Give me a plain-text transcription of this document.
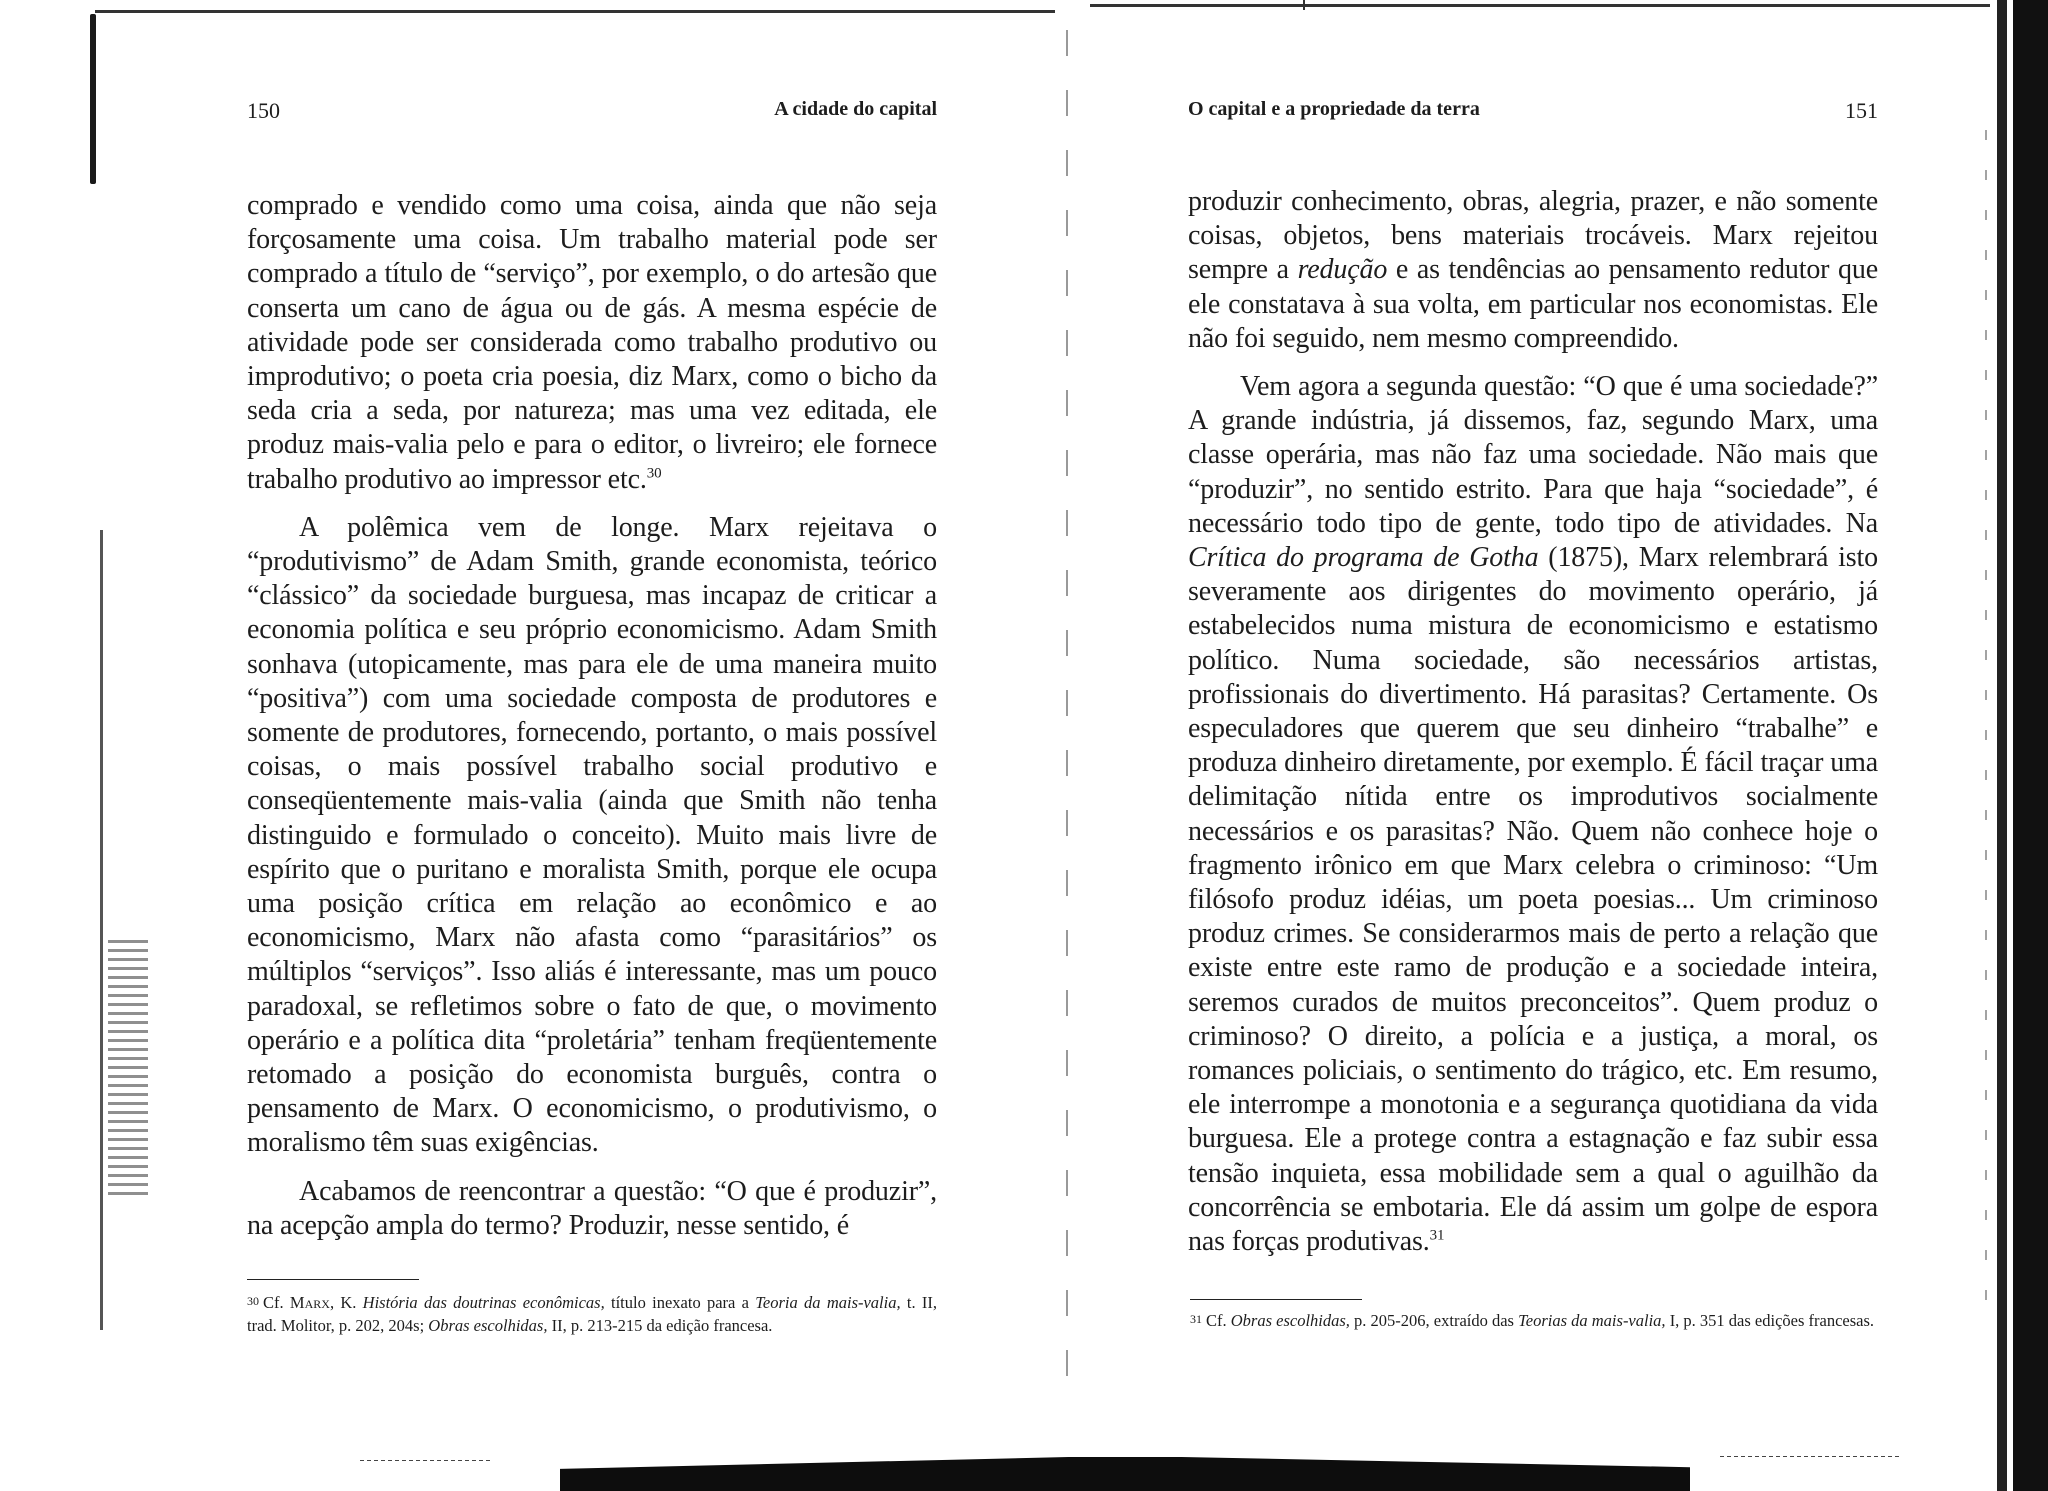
150	A cidade do capital

comprado e vendido como uma coisa, ainda que não seja forçosamente uma coisa. Um trabalho material pode ser comprado a título de “serviço”, por exemplo, o do artesão que conserta um cano de água ou de gás. A mesma espécie de atividade pode ser considerada como trabalho produtivo ou improdutivo; o poeta cria poesia, diz Marx, como o bicho da seda cria a seda, por natureza; mas uma vez editada, ele produz mais-valia pelo e para o editor, o livreiro; ele fornece trabalho produtivo ao impressor etc.$^{30}$

A polêmica vem de longe. Marx rejeitava o “produtivismo” de Adam Smith, grande economista, teórico “clássico” da sociedade burguesa, mas incapaz de criticar a economia política e seu próprio economicismo. Adam Smith sonhava (utopicamente, mas para ele de uma maneira muito “positiva”) com uma sociedade composta de produtores e somente de produtores, fornecendo, portanto, o mais possível coisas, o mais possível trabalho social produtivo e conseqüentemente mais-valia (ainda que Smith não tenha distinguido e formulado o conceito). Muito mais livre de espírito que o puritano e moralista Smith, porque ele ocupa uma posição crítica em relação ao econômico e ao economicismo, Marx não afasta como “parasitários” os múltiplos “serviços”. Isso aliás é interessante, mas um pouco paradoxal, se refletimos sobre o fato de que, o movimento operário e a política dita “proletária” tenham freqüentemente retomado a posição do economista burguês, contra o pensamento de Marx. O economicismo, o produtivismo, o moralismo têm suas exigências.

Acabamos de reencontrar a questão: “O que é produzir”, na acepção ampla do termo? Produzir, nesse sentido, é

30 Cf. Marx, K. História das doutrinas econômicas, título inexato para a Teoria da mais-valia, t. II, trad. Molitor, p. 202, 204s; Obras escolhidas, II, p. 213-215 da edição francesa.
O capital e a propriedade da terra	151

produzir conhecimento, obras, alegria, prazer, e não somente coisas, objetos, bens materiais trocáveis. Marx rejeitou sempre a redução e as tendências ao pensamento redutor que ele constatava à sua volta, em particular nos economistas. Ele não foi seguido, nem mesmo compreendido.

Vem agora a segunda questão: “O que é uma sociedade?” A grande indústria, já dissemos, faz, segundo Marx, uma classe operária, mas não faz uma sociedade. Não mais que “produzir”, no sentido estrito. Para que haja “sociedade”, é necessário todo tipo de gente, todo tipo de atividades. Na Crítica do programa de Gotha (1875), Marx relembrará isto severamente aos dirigentes do movimento operário, já estabelecidos numa mistura de economicismo e estatismo político. Numa sociedade, são necessários artistas, profissionais do divertimento. Há parasitas? Certamente. Os especuladores que querem que seu dinheiro “trabalhe” e produza dinheiro diretamente, por exemplo. É fácil traçar uma delimitação nítida entre os improdutivos socialmente necessários e os parasitas? Não. Quem não conhece hoje o fragmento irônico em que Marx celebra o criminoso: “Um filósofo produz idéias, um poeta poesias... Um criminoso produz crimes. Se considerarmos mais de perto a relação que existe entre este ramo de produção e a sociedade inteira, seremos curados de muitos preconceitos”. Quem produz o criminoso? O direito, a polícia e a justiça, a moral, os romances policiais, o sentimento do trágico, etc. Em resumo, ele interrompe a monotonia e a segurança quotidiana da vida burguesa. Ele a protege contra a estagnação e faz subir essa tensão inquieta, essa mobilidade sem a qual o aguilhão da concorrência se embotaria. Ele dá assim um golpe de espora nas forças produtivas.$^{31}$

31 Cf. Obras escolhidas, p. 205-206, extraído das Teorias da mais-valia, I, p. 351 das edições francesas.
